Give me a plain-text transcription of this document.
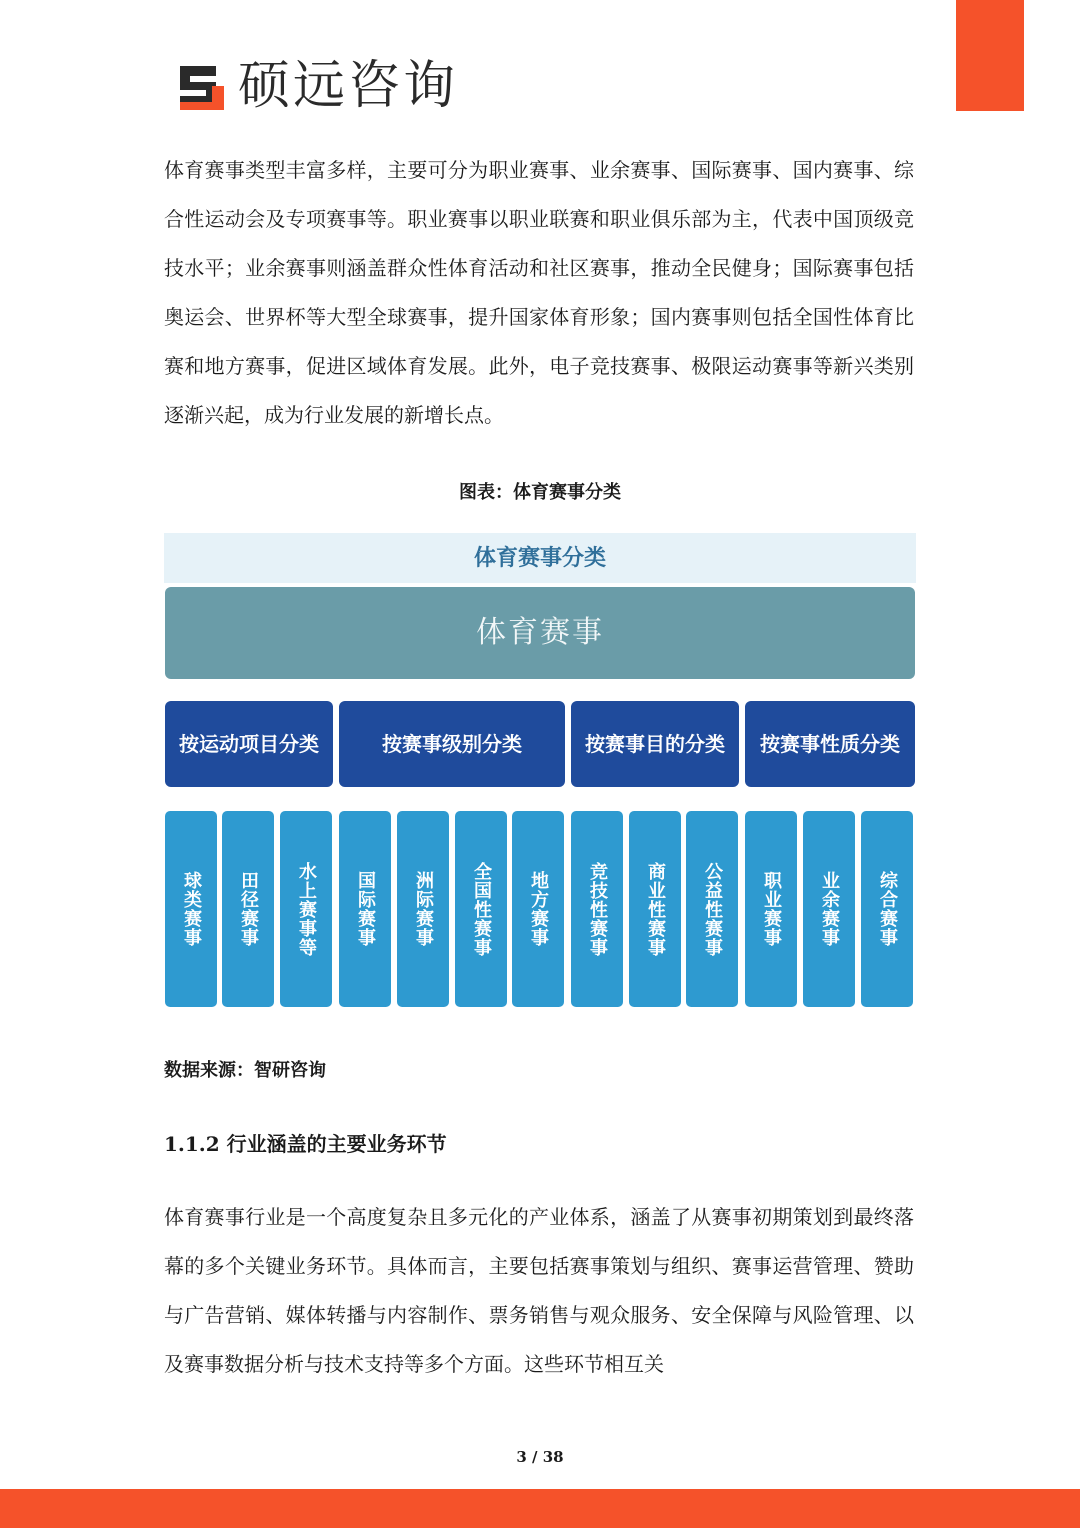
硕远咨询
体育赛事类型丰富多样，主要可分为职业赛事、业余赛事、国际赛事、国内赛事、综合性运动会及专项赛事等。职业赛事以职业联赛和职业俱乐部为主，代表中国顶级竞技水平；业余赛事则涵盖群众性体育活动和社区赛事，推动全民健身；国际赛事包括奥运会、世界杯等大型全球赛事，提升国家体育形象；国内赛事则包括全国性体育比赛和地方赛事，促进区域体育发展。此外，电子竞技赛事、极限运动赛事等新兴类别逐渐兴起，成为行业发展的新增长点。
图表：体育赛事分类
体育赛事分类
体育赛事
按运动项目分类	按赛事级别分类	按赛事目的分类	按赛事性质分类
球类赛事 田径赛事 水上赛事等 国际赛事 洲际赛事 全国性赛事 地方赛事 竞技性赛事 商业性赛事 公益性赛事 职业赛事 业余赛事 综合赛事
数据来源：智研咨询
1.1.2 行业涵盖的主要业务环节
体育赛事行业是一个高度复杂且多元化的产业体系，涵盖了从赛事初期策划到最终落幕的多个关键业务环节。具体而言，主要包括赛事策划与组织、赛事运营管理、赞助与广告营销、媒体转播与内容制作、票务销售与观众服务、安全保障与风险管理、以及赛事数据分析与技术支持等多个方面。这些环节相互关
3 / 38
